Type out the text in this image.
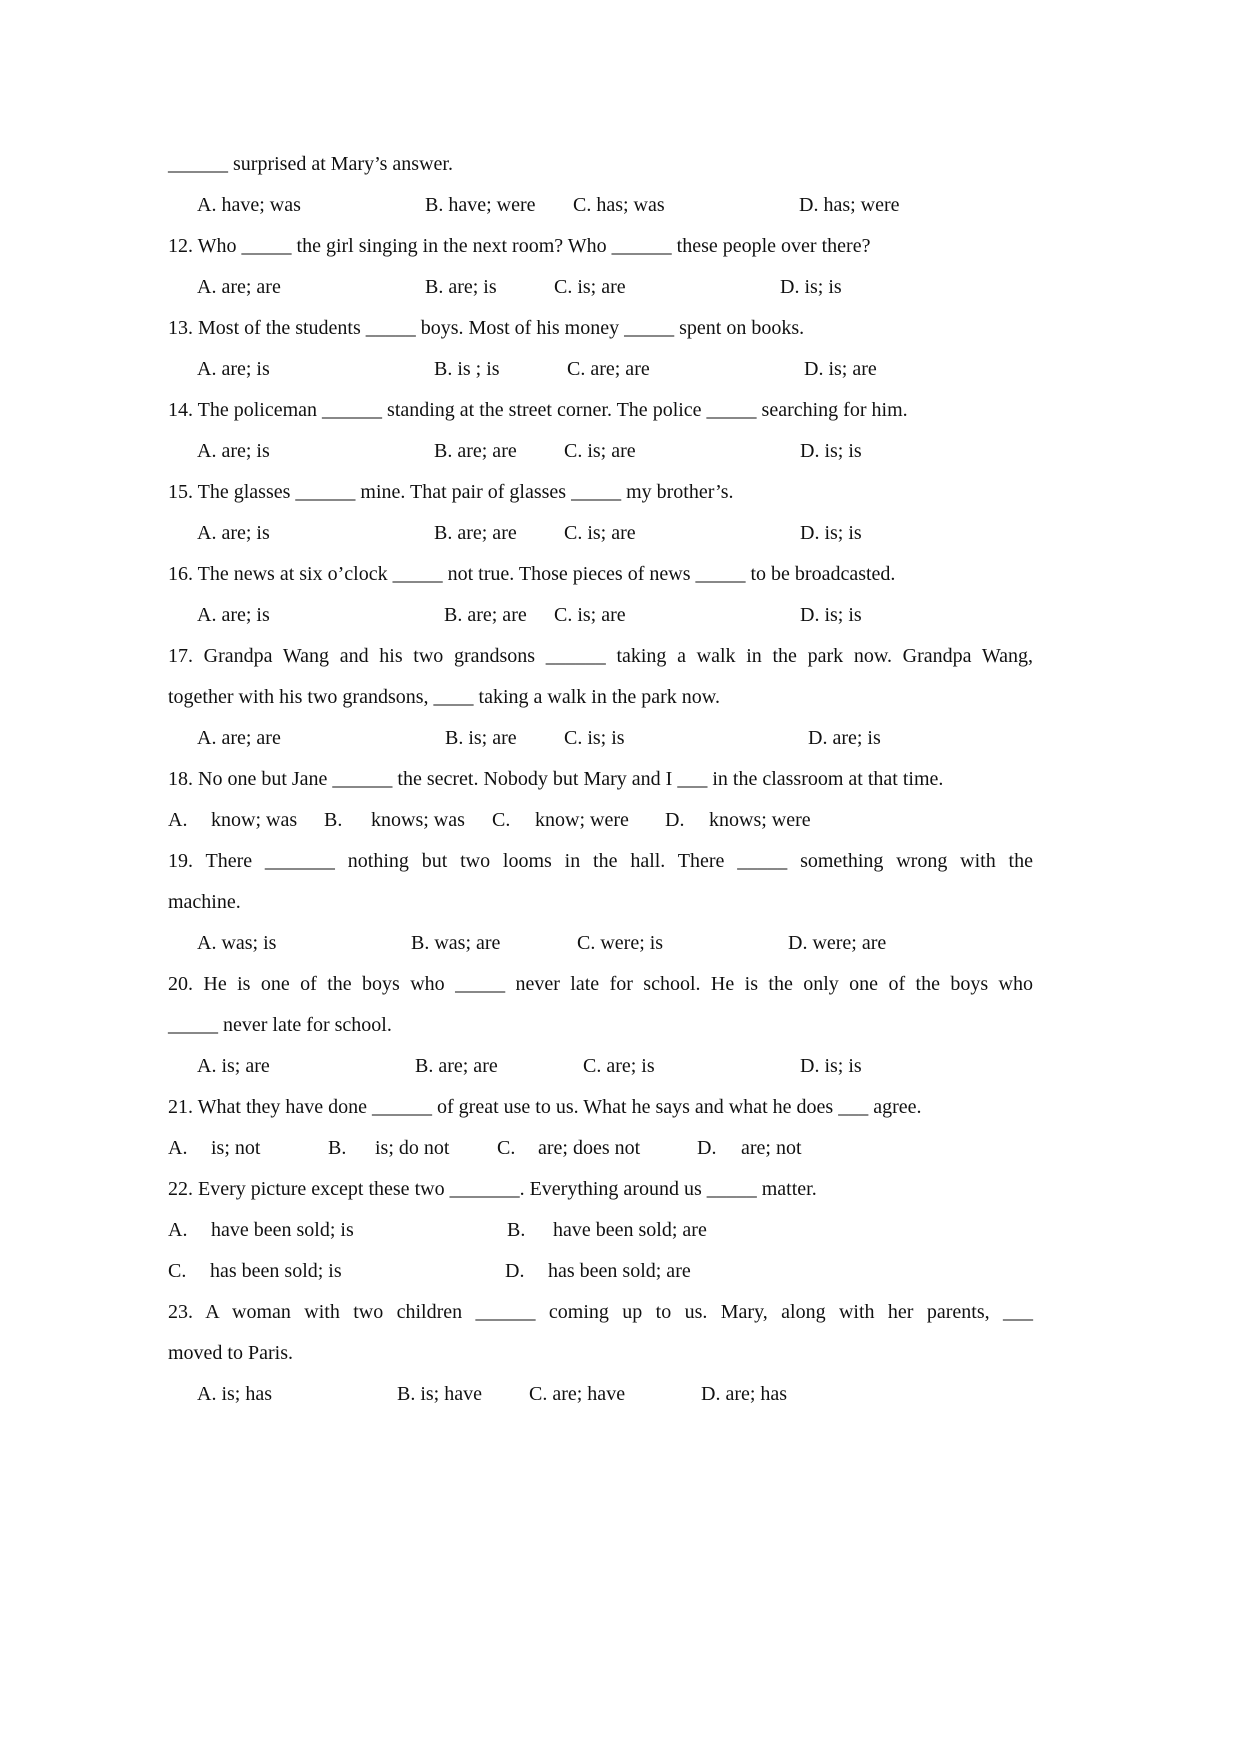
______ surprised at Mary’s answer.
A. have; was	B. have; were C. has; was	D. has; were
12. Who _____ the girl singing in the next room? Who ______ these people over there?
A. are; are	B. are; is	C. is; are	D. is; is
13. Most of the students _____ boys. Most of his money _____ spent on books.
A. are; is	B. is ; is	C. are; are	D. is; are
14. The policeman ______ standing at the street corner. The police _____ searching for him.
A. are; is	B. are; are C. is; are	D. is; is
15. The glasses ______ mine. That pair of glasses _____ my brother’s.
A. are; is	B. are; are C. is; are	D. is; is
16. The news at six o’clock _____ not true. Those pieces of news _____ to be broadcasted.
A. are; is	B. are; are C. is; are	D. is; is
17. Grandpa Wang and his two grandsons ______ taking a walk in the park now. Grandpa Wang,
together with his two grandsons, ____ taking a walk in the park now.
A. are; are	B. is; are C. is; is	D. are; is
18. No one but Jane ______ the secret. Nobody but Mary and I ___ in the classroom at that time.
A. know; was B. knows; was C. know; were D. knows; were
19. There _______ nothing but two looms in the hall. There _____ something wrong with the
machine.
A. was; is	B. was; are	C. were; is	D. were; are
20. He is one of the boys who _____ never late for school. He is the only one of the boys who
_____ never late for school.
A. is; are	B. are; are	C. are; is	D. is; is
21. What they have done ______ of great use to us. What he says and what he does ___ agree.
A. is; not	B. is; do not C. are; does not	D. are; not
22. Every picture except these two _______. Everything around us _____ matter.
A. have been sold; is	B. have been sold; are
C. has been sold; is	D. has been sold; are
23. A woman with two children ______ coming up to us. Mary, along with her parents, ___
moved to Paris.
A. is; has	B. is; have C. are; have	D. are; has
